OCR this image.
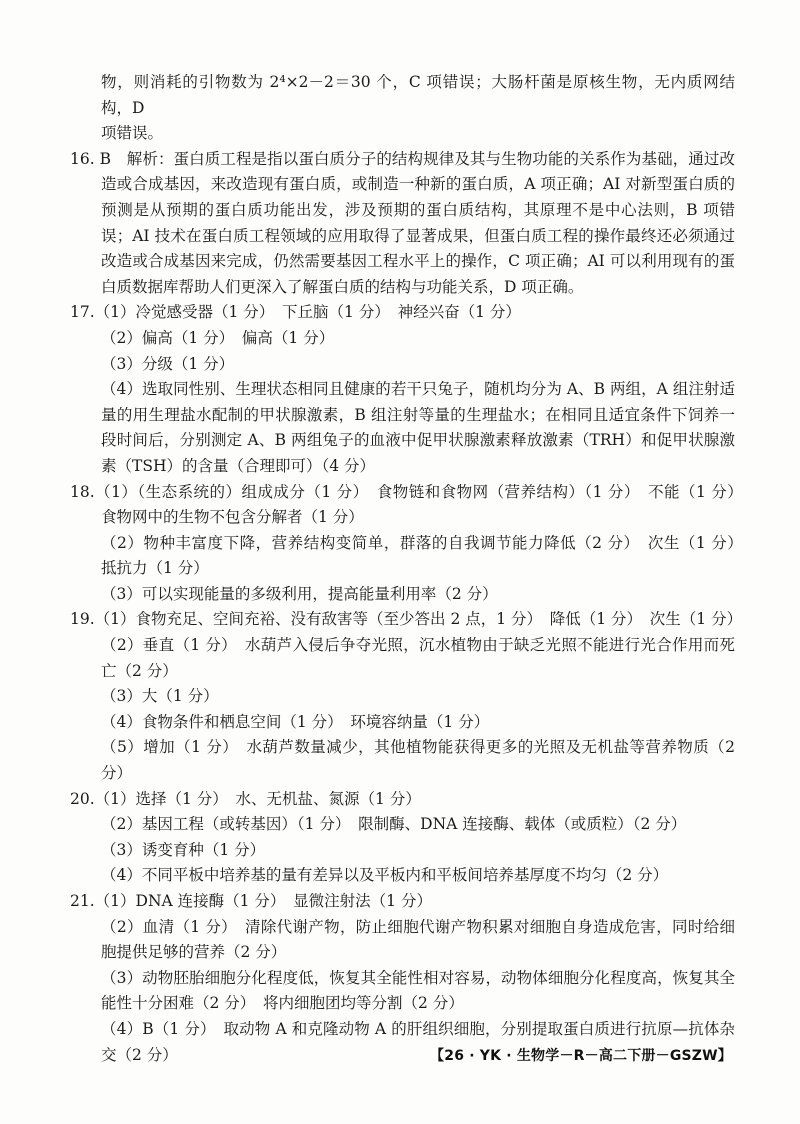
物，则消耗的引物数为 2⁴×2－2＝30 个，C 项错误；大肠杆菌是原核生物，无内质网结构，D

项错误。

16. B　解析：蛋白质工程是指以蛋白质分子的结构规律及其与生物功能的关系作为基础，通过改造或合成基因，来改造现有蛋白质，或制造一种新的蛋白质，A 项正确；AI 对新型蛋白质的预测是从预期的蛋白质功能出发，涉及预期的蛋白质结构，其原理不是中心法则，B 项错误；AI 技术在蛋白质工程领域的应用取得了显著成果，但蛋白质工程的操作最终还必须通过改造或合成基因来完成，仍然需要基因工程水平上的操作，C 项正确；AI 可以利用现有的蛋白质数据库帮助人们更深入了解蛋白质的结构与功能关系，D 项正确。

17.（1）冷觉感受器（1 分）　下丘脑（1 分）　神经兴奋（1 分）

（2）偏高（1 分）　偏高（1 分）

（3）分级（1 分）

（4）选取同性别、生理状态相同且健康的若干只兔子，随机均分为 A、B 两组，A 组注射适量的用生理盐水配制的甲状腺激素，B 组注射等量的生理盐水；在相同且适宜条件下饲养一段时间后，分别测定 A、B 两组兔子的血液中促甲状腺激素释放激素（TRH）和促甲状腺激素（TSH）的含量（合理即可）（4 分）

18.（1）（生态系统的）组成成分（1 分）　食物链和食物网（营养结构）（1 分）　不能（1 分）　食物网中的生物不包含分解者（1 分）

（2）物种丰富度下降，营养结构变简单，群落的自我调节能力降低（2 分）　次生（1 分）　抵抗力（1 分）

（3）可以实现能量的多级利用，提高能量利用率（2 分）

19.（1）食物充足、空间充裕、没有敌害等（至少答出 2 点，1 分）　降低（1 分）　次生（1 分）

（2）垂直（1 分）　水葫芦入侵后争夺光照，沉水植物由于缺乏光照不能进行光合作用而死亡（2 分）

（3）大（1 分）

（4）食物条件和栖息空间（1 分）　环境容纳量（1 分）

（5）增加（1 分）　水葫芦数量减少，其他植物能获得更多的光照及无机盐等营养物质（2 分）

20.（1）选择（1 分）　水、无机盐、氮源（1 分）

（2）基因工程（或转基因）（1 分）　限制酶、DNA 连接酶、载体（或质粒）（2 分）

（3）诱变育种（1 分）

（4）不同平板中培养基的量有差异以及平板内和平板间培养基厚度不均匀（2 分）

21.（1）DNA 连接酶（1 分）　显微注射法（1 分）

（2）血清（1 分）　清除代谢产物，防止细胞代谢产物积累对细胞自身造成危害，同时给细胞提供足够的营养（2 分）

（3）动物胚胎细胞分化程度低，恢复其全能性相对容易，动物体细胞分化程度高，恢复其全能性十分困难（2 分）　将内细胞团均等分割（2 分）

（4）B（1 分）　取动物 A 和克隆动物 A 的肝组织细胞，分别提取蛋白质进行抗原—抗体杂交（2 分）	【26 · YK · 生物学－R－高二下册－GSZW】
